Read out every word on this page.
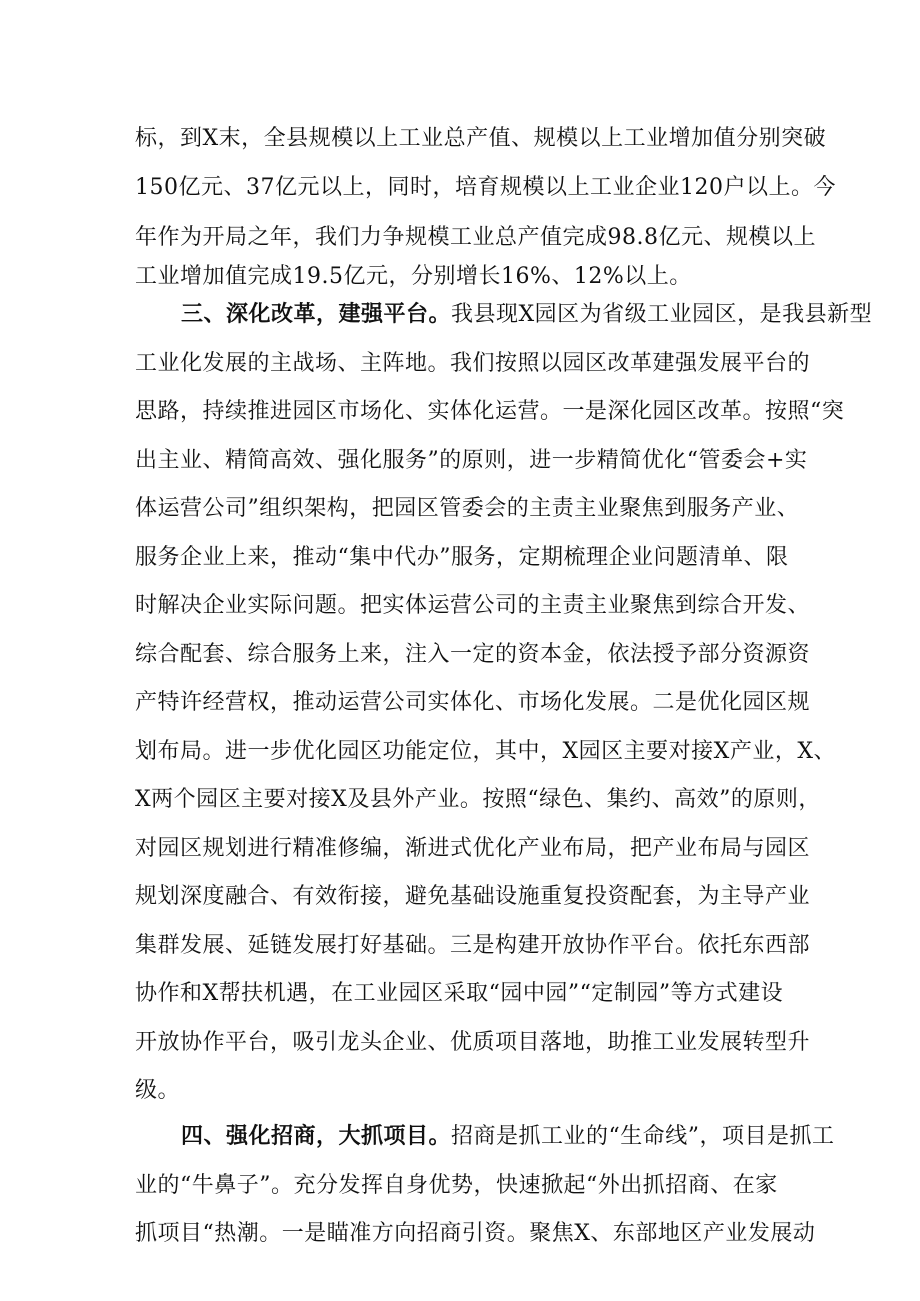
标，到X末，全县规模以上工业总产值、规模以上工业增加值分别突破
150亿元、37亿元以上，同时，培育规模以上工业企业120户以上。今
年作为开局之年，我们力争规模工业总产值完成98.8亿元、规模以上
工业增加值完成19.5亿元，分别增长16%、12%以上。
三、深化改革，建强平台。我县现X园区为省级工业园区，是我县新型
工业化发展的主战场、主阵地。我们按照以园区改革建强发展平台的
思路，持续推进园区市场化、实体化运营。一是深化园区改革。按照“突
出主业、精简高效、强化服务”的原则，进一步精简优化“管委会+实
体运营公司”组织架构，把园区管委会的主责主业聚焦到服务产业、
服务企业上来，推动“集中代办”服务，定期梳理企业问题清单、限
时解决企业实际问题。把实体运营公司的主责主业聚焦到综合开发、
综合配套、综合服务上来，注入一定的资本金，依法授予部分资源资
产特许经营权，推动运营公司实体化、市场化发展。二是优化园区规
划布局。进一步优化园区功能定位，其中，X园区主要对接X产业，X、
X两个园区主要对接X及县外产业。按照“绿色、集约、高效”的原则，
对园区规划进行精准修编，渐进式优化产业布局，把产业布局与园区
规划深度融合、有效衔接，避免基础设施重复投资配套，为主导产业
集群发展、延链发展打好基础。三是构建开放协作平台。依托东西部
协作和X帮扶机遇，在工业园区采取“园中园”“定制园”等方式建设
开放协作平台，吸引龙头企业、优质项目落地，助推工业发展转型升
级。
四、强化招商，大抓项目。招商是抓工业的“生命线”，项目是抓工
业的“牛鼻子”。充分发挥自身优势，快速掀起“外出抓招商、在家
抓项目“热潮。一是瞄准方向招商引资。聚焦X、东部地区产业发展动
